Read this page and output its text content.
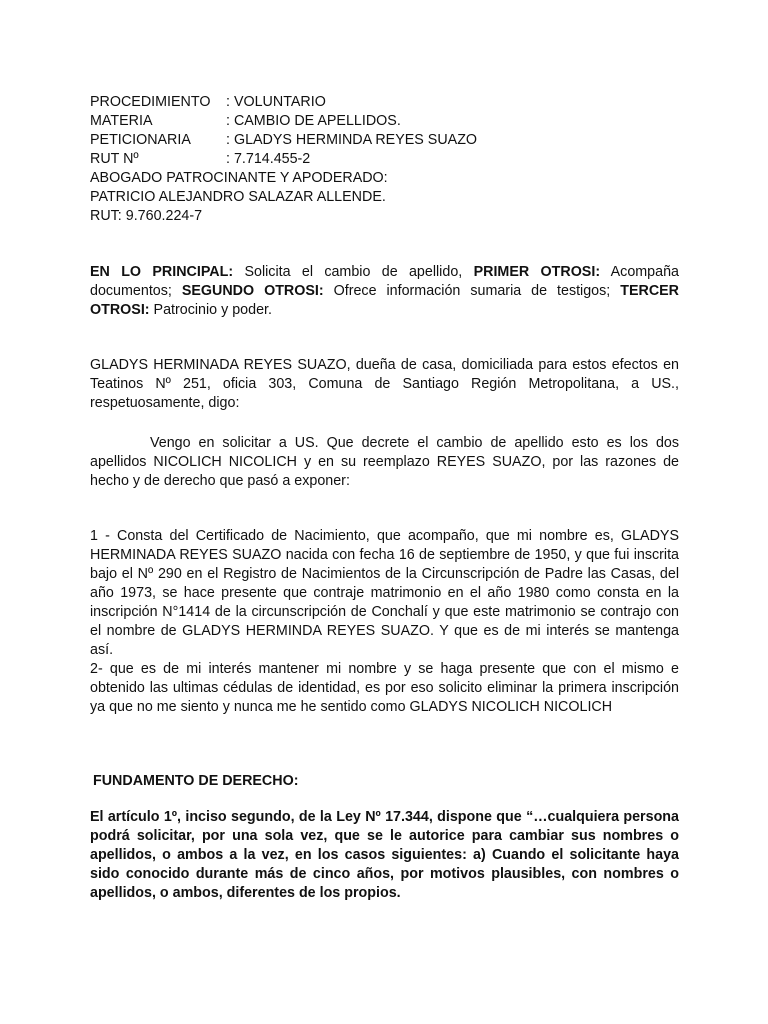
PROCEDIMIENTO : VOLUNTARIO
MATERIA	: CAMBIO DE APELLIDOS.
PETICIONARIA : GLADYS HERMINDA REYES SUAZO
RUT Nº	: 7.714.455-2
ABOGADO PATROCINANTE Y APODERADO:
PATRICIO ALEJANDRO SALAZAR ALLENDE.
RUT: 9.760.224-7
EN LO PRINCIPAL: Solicita el cambio de apellido, PRIMER OTROSI: Acompaña documentos; SEGUNDO OTROSI: Ofrece información sumaria de testigos; TERCER OTROSI: Patrocinio y poder.
GLADYS HERMINADA REYES SUAZO, dueña de casa, domiciliada para estos efectos en Teatinos Nº 251, oficia 303, Comuna de Santiago Región Metropolitana, a US., respetuosamente, digo:
Vengo en solicitar a US. Que decrete el cambio de apellido esto es los dos apellidos NICOLICH NICOLICH y en su reemplazo REYES SUAZO, por las razones de hecho y de derecho que pasó a exponer:
1 - Consta del Certificado de Nacimiento, que acompaño, que mi nombre es, GLADYS HERMINADA REYES SUAZO nacida con fecha 16 de septiembre de 1950, y que fui inscrita bajo el Nº 290 en el Registro de Nacimientos de la Circunscripción de Padre las Casas, del año 1973, se hace presente que contraje matrimonio en el año 1980 como consta en la inscripción N°1414 de la circunscripción de Conchalí y que este matrimonio se contrajo con el nombre de GLADYS HERMINDA REYES SUAZO. Y que es de mi interés se mantenga así.
2- que es de mi interés mantener mi nombre y se haga presente que con el mismo e obtenido las ultimas cédulas de identidad, es por eso solicito eliminar la primera inscripción ya que no me siento y nunca me he sentido como GLADYS NICOLICH NICOLICH
FUNDAMENTO DE DERECHO:
El artículo 1º, inciso segundo, de la Ley Nº 17.344, dispone que “…cualquiera persona podrá solicitar, por una sola vez, que se le autorice para cambiar sus nombres o apellidos, o ambos a la vez, en los casos siguientes: a) Cuando el solicitante haya sido conocido durante más de cinco años, por motivos plausibles, con nombres o apellidos, o ambos, diferentes de los propios.
